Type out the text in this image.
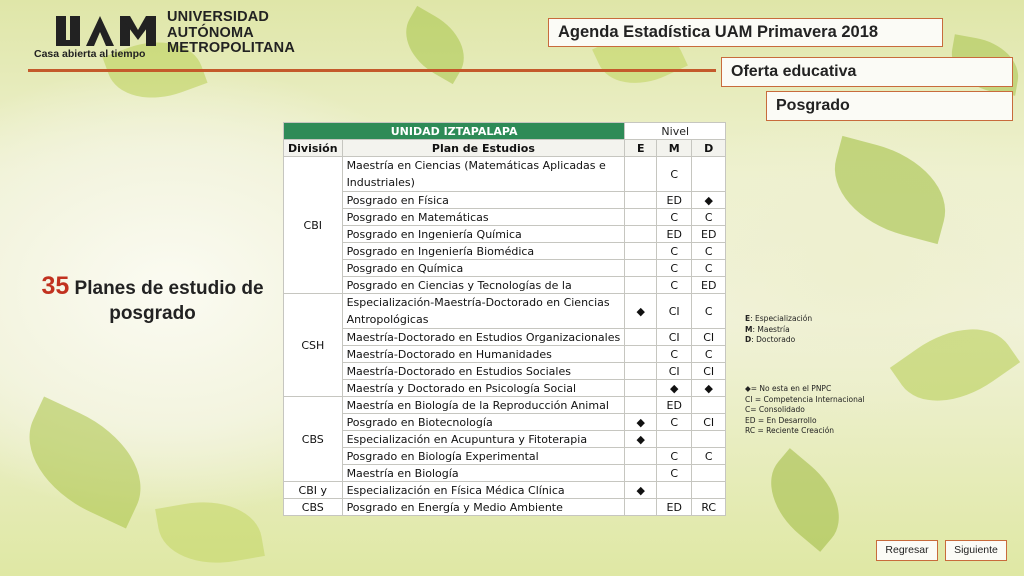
Casa abierta al tiempo
UNIVERSIDAD
AUTÓNOMA
METROPOLITANA
Agenda Estadística UAM Primavera 2018
Oferta educativa
Posgrado
35 Planes de estudio de posgrado
UNIDAD IZTAPALAPA		Nivel		
División	Plan de Estudios	E	M	D
CBI	Maestría en Ciencias (Matemáticas Aplicadas e Industriales)		C	
	Posgrado en Física		ED	◆
	Posgrado en Matemáticas		C	C
	Posgrado en Ingeniería Química		ED	ED
	Posgrado en Ingeniería Biomédica		C	C
	Posgrado en Química		C	C
	Posgrado en Ciencias y Tecnologías de la		C	ED
CSH	Especialización-Maestría-Doctorado en Ciencias Antropológicas	◆	CI	C
	Maestría-Doctorado en Estudios Organizacionales		CI	CI
	Maestría-Doctorado en Humanidades		C	C
	Maestría-Doctorado en Estudios Sociales		CI	CI
	Maestría y Doctorado en Psicología Social		◆	◆
CBS	Maestría en Biología de la Reproducción Animal		ED	
	Posgrado en Biotecnología	◆	C	CI
	Especialización en Acupuntura y Fitoterapia	◆		
	Posgrado en Biología Experimental		C	C
	Maestría en Biología		C	
CBI y	Especialización en Física Médica Clínica	◆		
CBS	Posgrado en Energía y Medio Ambiente		ED	RC
E: Especialización
M: Maestría
D: Doctorado
◆= No esta en el PNPC
CI = Competencia Internacional
C= Consolidado
ED = En Desarrollo
RC = Reciente Creación
Regresar	Siguiente
